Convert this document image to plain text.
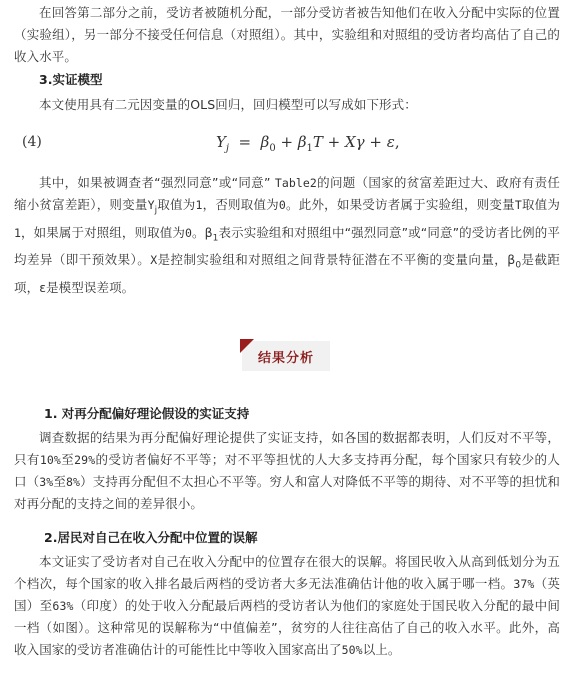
在回答第二部分之前，受访者被随机分配，一部分受访者被告知他们在收入分配中实际的位置（实验组），另一部分不接受任何信息（对照组）。其中，实验组和对照组的受访者均高估了自己的收入水平。

3.实证模型

本文使用具有二元因变量的OLS回归，回归模型可以写成如下形式：

(4)	$Y_j = \beta_0 + \beta_1T + X\gamma + \varepsilon$,

其中，如果被调查者“强烈同意”或“同意” Table2的问题（国家的贫富差距过大、政府有责任缩小贫富差距），则变量$Y_j$取值为1，否则取值为0。此外，如果受访者属于实验组，则变量T取值为1，如果属于对照组，则取值为0。$\beta_1$表示实验组和对照组中“强烈同意”或“同意”的受访者比例的平均差异（即干预效果）。X是控制实验组和对照组之间背景特征潜在不平衡的变量向量，$\beta_0$是截距项，ε是模型误差项。

结果分析

1. 对再分配偏好理论假设的实证支持

调查数据的结果为再分配偏好理论提供了实证支持，如各国的数据都表明，人们反对不平等，只有10%至29%的受访者偏好不平等；对不平等担忧的人大多支持再分配，每个国家只有较少的人口（3%至8%）支持再分配但不太担心不平等。穷人和富人对降低不平等的期待、对不平等的担忧和对再分配的支持之间的差异很小。

2.居民对自己在收入分配中位置的误解

本文证实了受访者对自己在收入分配中的位置存在很大的误解。将国民收入从高到低划分为五个档次，每个国家的收入排名最后两档的受访者大多无法准确估计他的收入属于哪一档。37%（英国）至63%（印度）的处于收入分配最后两档的受访者认为他们的家庭处于国民收入分配的最中间一档（如图）。这种常见的误解称为“中值偏差”，贫穷的人往往高估了自己的收入水平。此外，高收入国家的受访者准确估计的可能性比中等收入国家高出了50%以上。
